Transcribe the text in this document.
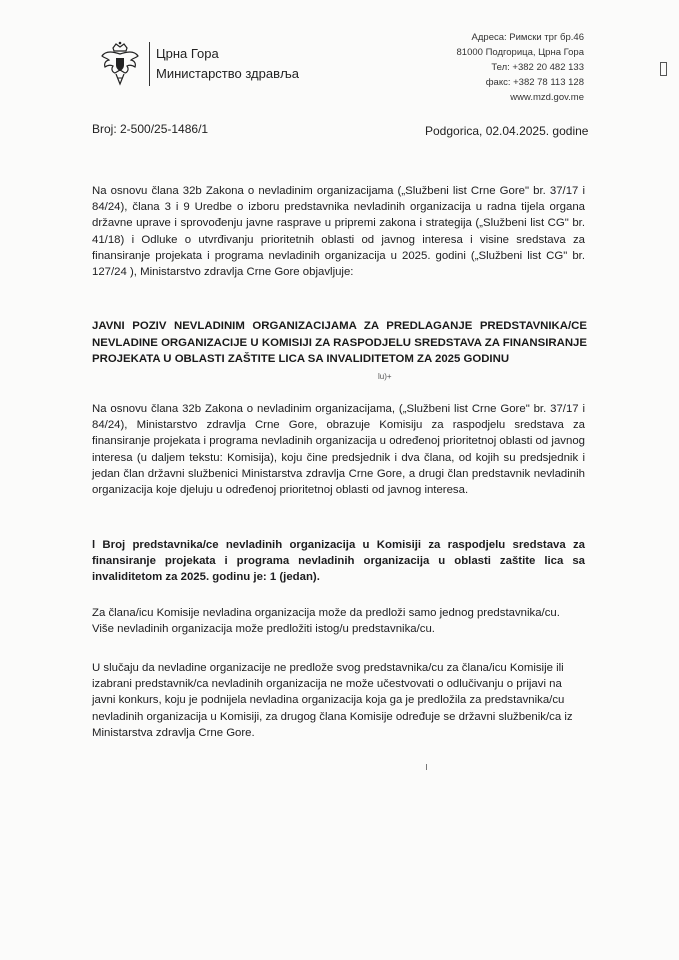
Црна Гора
Министарство здравља
Адреса: Римски трг бр.46
81000 Подгорица, Црна Гора
Тел: +382 20 482 133
факс: +382 78 113 128
www.mzd.gov.me
Broj: 2-500/25-1486/1	Podgorica, 02.04.2025. godine
Na osnovu člana 32b Zakona o nevladinim organizacijama („Službeni list Crne Gore" br. 37/17 i 84/24), člana 3 i 9 Uredbe o izboru predstavnika nevladinih organizacija u radna tijela organa državne uprave i sprovođenju javne rasprave u pripremi zakona i strategija („Službeni list CG" br. 41/18) i Odluke o utvrđivanju prioritetnih oblasti od javnog interesa i visine sredstava za finansiranje projekata i programa nevladinih organizacija u 2025. godini („Službeni list CG" br. 127/24 ), Ministarstvo zdravlja Crne Gore objavljuje:
JAVNI POZIV NEVLADINIM ORGANIZACIJAMA ZA PREDLAGANJE PREDSTAVNIKA/CE NEVLADINE ORGANIZACIJE U KOMISIJI ZA RASPODJELU SREDSTAVA ZA FINANSIRANJE PROJEKATA U OBLASTI ZAŠTITE LICA SA INVALIDITETOM ZA 2025 GODINU
lu)+
Na osnovu člana 32b Zakona o nevladinim organizacijama, („Službeni list Crne Gore" br. 37/17 i 84/24), Ministarstvo zdravlja Crne Gore, obrazuje Komisiju za raspodjelu sredstava za finansiranje projekata i programa nevladinih organizacija u određenoj prioritetnoj oblasti od javnog interesa (u daljem tekstu: Komisija), koju čine predsjednik i dva člana, od kojih su predsjednik i jedan član državni službenici Ministarstva zdravlja Crne Gore, a drugi član predstavnik nevladinih organizacija koje djeluju u određenoj prioritetnoj oblasti od javnog interesa.
l Broj predstavnika/ce nevladinih organizacija u Komisiji za raspodjelu sredstava za finansiranje projekata i programa nevladinih organizacija u oblasti zaštite lica sa invaliditetom za 2025. godinu je: 1 (jedan).
Za člana/icu Komisije nevladina organizacija može da predloži samo jednog predstavnika/cu. Više nevladinih organizacija može predložiti istog/u predstavnika/cu.
U slučaju da nevladine organizacije ne predlože svog predstavnika/cu za člana/icu Komisije ili izabrani predstavnik/ca nevladinih organizacija ne može učestvovati o odlučivanju o prijavi na javni konkurs, koju je podnijela nevladina organizacija koja ga je predložila za predstavnika/cu nevladinih organizacija u Komisiji, za drugog člana Komisije određuje se državni službenik/ca iz Ministarstva zdravlja Crne Gore.
